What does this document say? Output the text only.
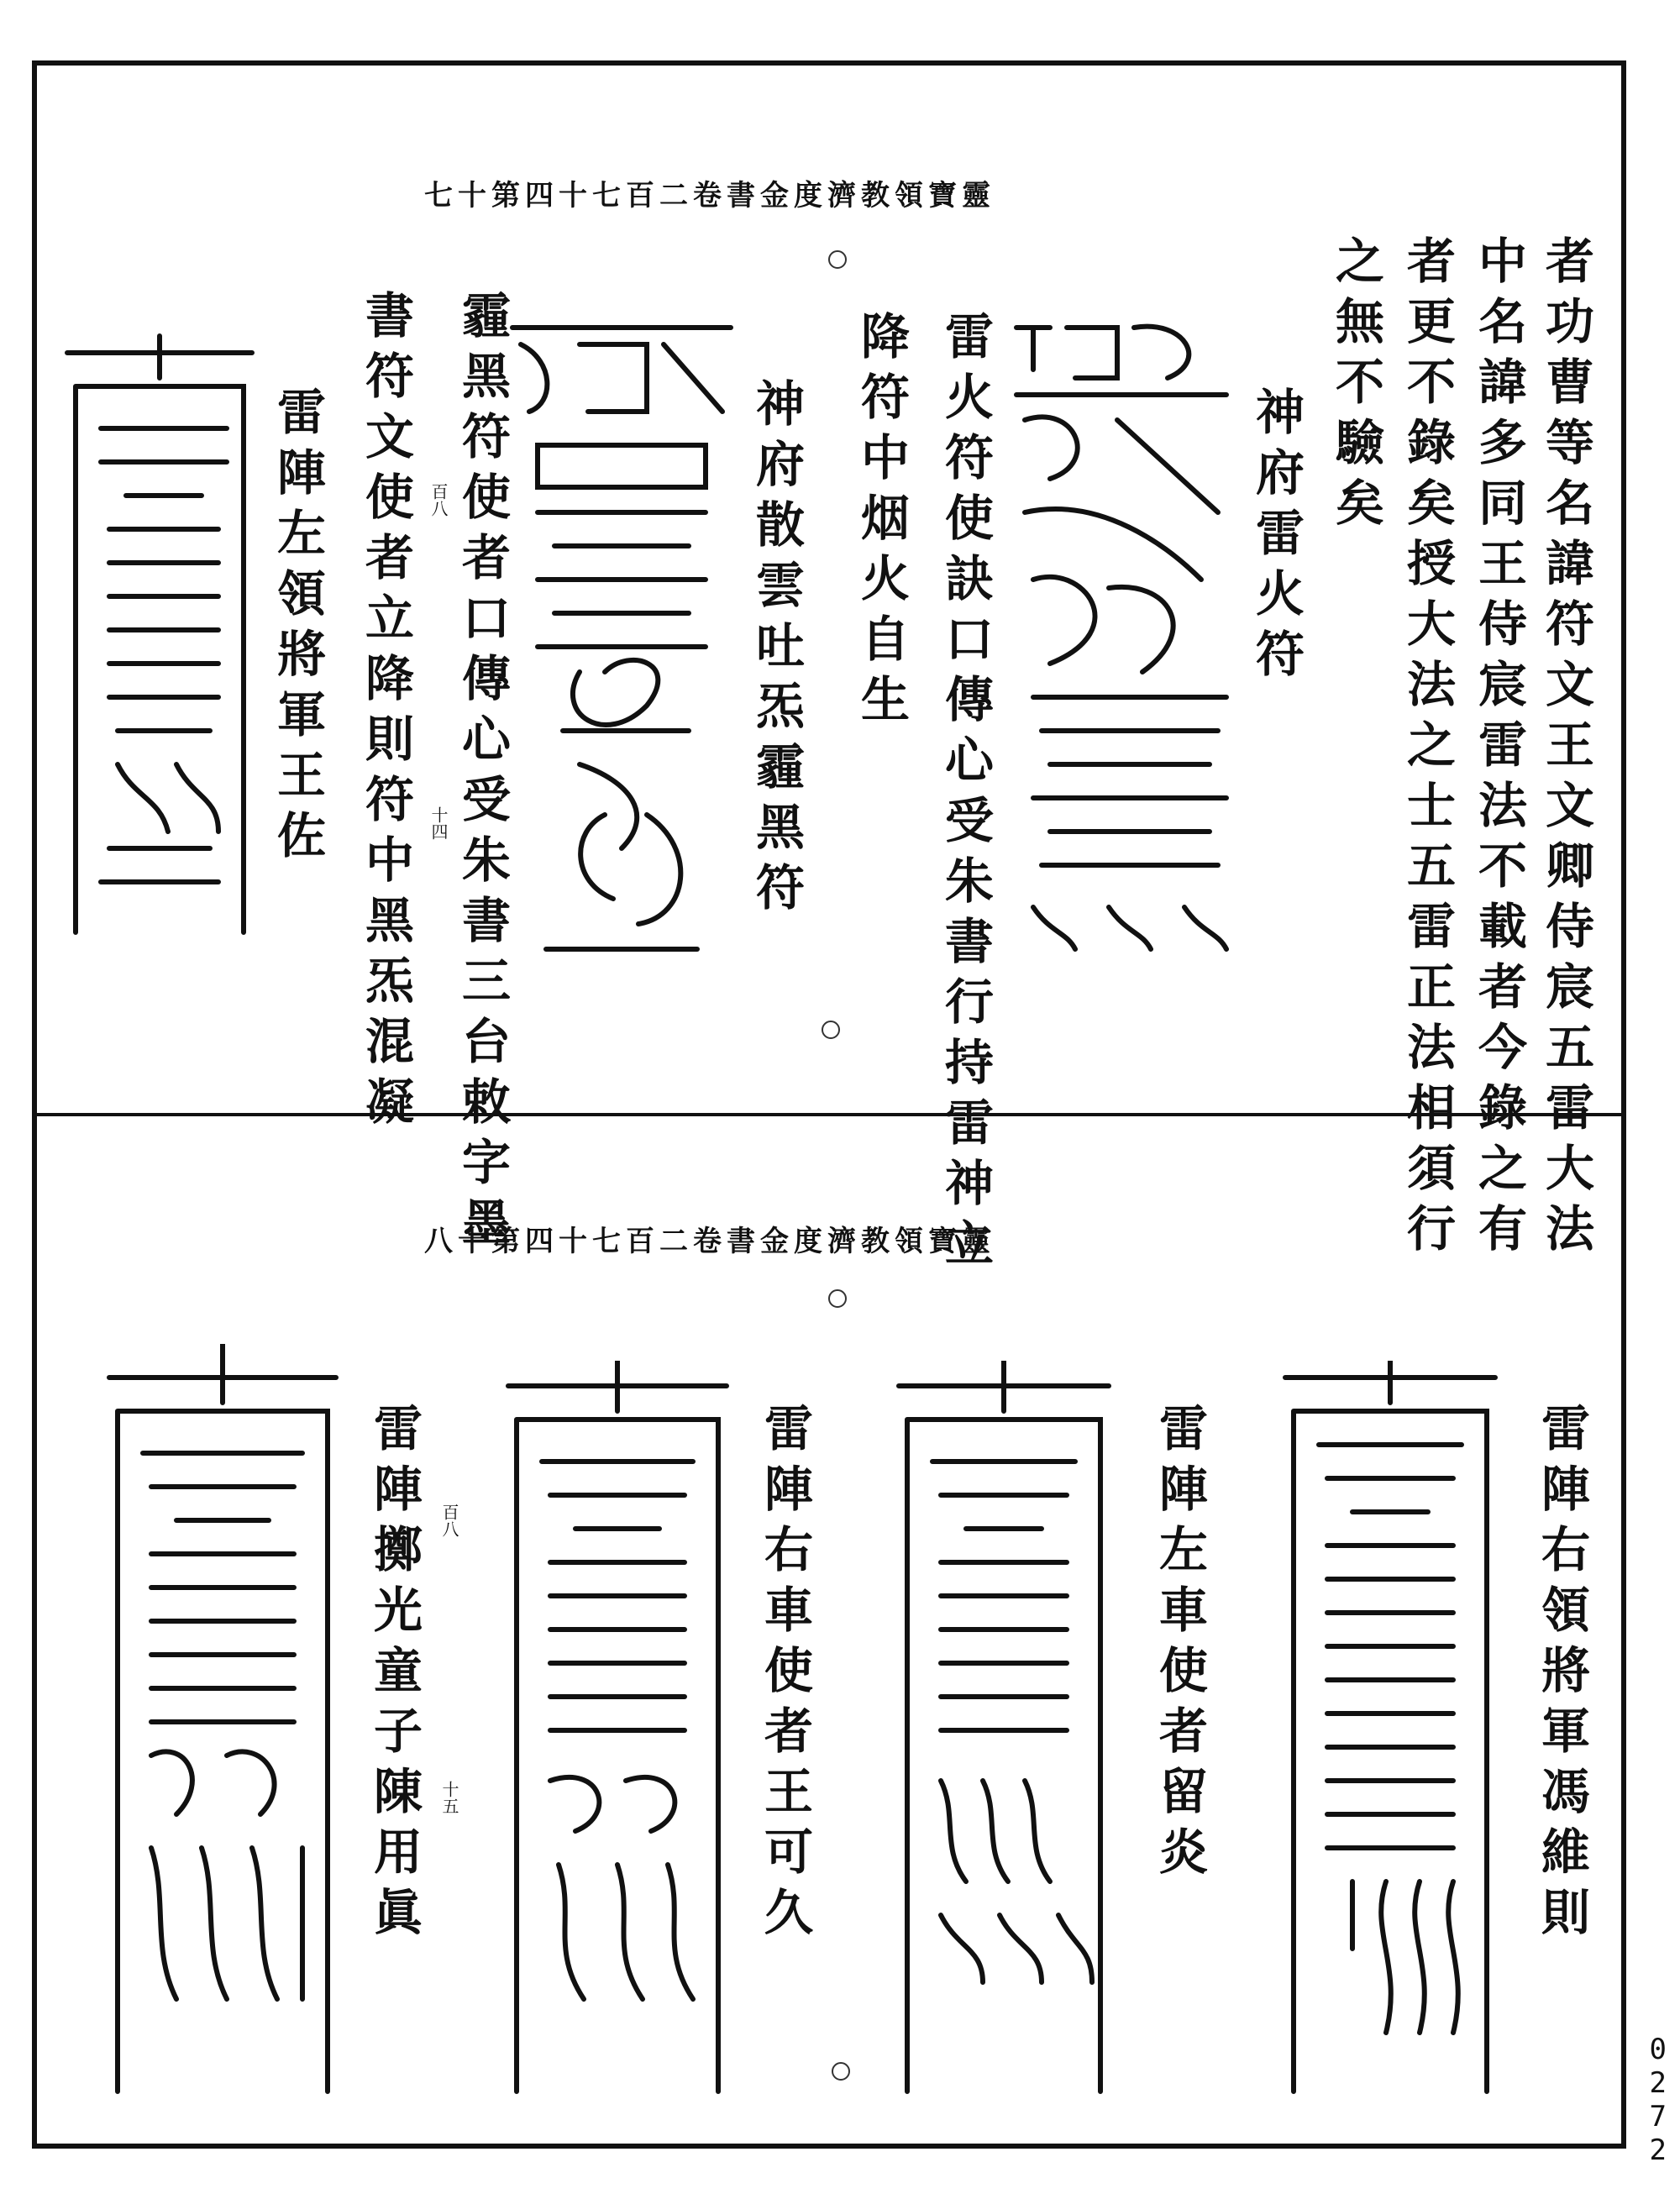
靈寶領教濟度金書卷二百七十四第十七
者功曹等名諱符文王文卿侍宸五雷大法
中名諱多同王侍宸雷法不載者今錄之有
者更不錄矣授大法之士五雷正法相須行
之無不驗矣
神府雷火符
雷火符使訣口傳心受朱書行持雷神立
降符中烟火自生
神府散雲吐炁霾黑符
霾黑符使者口傳心受朱書三台敕字墨
百八
十四
書符文使者立降則符中黑炁混凝
雷陣左領將軍王佐
靈寶領教濟度金書卷二百七十四第十八
雷陣右領將軍馮維則
雷陣左車使者留炎
雷陣右車使者王可久
雷陣擲光童子陳用眞 百八
十五
0272
